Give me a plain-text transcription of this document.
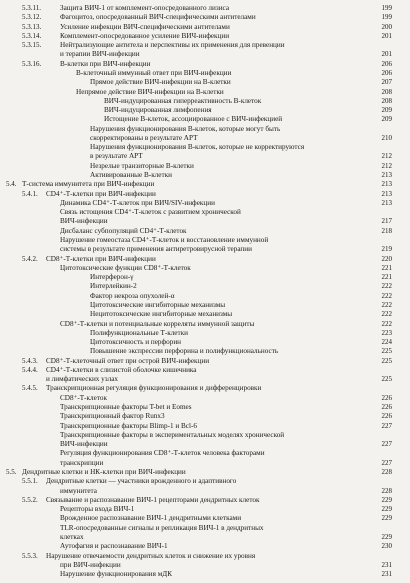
5.3.11.	Защита ВИЧ-1 от комплемент-опосредованного лизиса	199
5.3.12.	Фагоцитоз, опосредованный ВИЧ-специфическими антителами	199
5.3.13.	Усиление инфекции ВИЧ-специфическими антителами	200
5.3.14.	Комплемент-опосредованное усиление ВИЧ-инфекции	201
5.3.15.	Нейтрализующие антитела и перспективы их применения для превенции
и терапии ВИЧ-инфекции	201
5.3.16.	В-клетки при ВИЧ-инфекции	206
В-клеточный иммунный ответ при ВИЧ-инфекции	206
Прямое действие ВИЧ-инфекции на В-клетки	207
Непрямое действие ВИЧ-инфекции на В-клетки	208
ВИЧ-индуцированная гиперреактивность В-клеток	208
ВИЧ-индуцированная лимфопения	209
Истощение В-клеток, ассоциированное с ВИЧ-инфекцией	209
Нарушения функционирования В-клеток, которые могут быть
скорректированы в результате АРТ	210
Нарушения функционирования В-клеток, которые не корректируются
в результате АРТ	212
Незрелые транзиторные В-клетки	212
Активированные В-клетки	213
5.4. Т-система иммунитета при ВИЧ-инфекции	213
5.4.1. CD4⁺-Т-клетки при ВИЧ-инфекции	213
Динамика CD4⁺-Т-клеток при ВИЧ/SIV-инфекции	213
Связь истощения CD4⁺-Т-клеток с развитием хронической
ВИЧ-инфекции	217
Дисбаланс субпопуляций CD4⁺-Т-клеток	218
Нарушение гомеостаза CD4⁺-Т-клеток и восстановление иммунной
системы в результате применения антиретровирусной терапии	219
5.4.2. CD8⁺-Т-клетки при ВИЧ-инфекции	220
Цитотоксические функции CD8⁺-Т-клеток	221
Интерферон-γ	221
Интерлейкин-2	222
Фактор некроза опухолей-α	222
Цитотоксические ингибиторные механизмы	222
Нецитотоксические ингибиторные механизмы	222
CD8⁺-Т-клетки и потенциальные корреляты иммунной защиты	222
Полифункциональные Т-клетки	223
Цитотоксичность и перфорин	224
Повышение экспрессии перфорина и полифункциональность	225
5.4.3. CD8⁺-Т-клеточный ответ при острой ВИЧ-инфекции	225
5.4.4. CD4⁺-Т-клетки в слизистой оболочке кишечника
и лимфатических узлах	225
5.4.5. Транскрипционная регуляция функционирования и дифференцировки
CD8⁺-Т-клеток	226
Транскрипционные факторы T-bet и Eomes	226
Транскрипционный фактор Runx3	226
Транскрипционные факторы Blimp-1 и Bcl-6	227
Транскрипционные факторы в экспериментальных моделях хронической
ВИЧ-инфекции	227
Регуляция функционирования CD8⁺-Т-клеток человека факторами
транскрипции	227
5.5. Дендритные клетки и НК-клетки при ВИЧ-инфекции	228
5.5.1. Дендритные клетки — участники врожденного и адаптивного
иммунитета	228
5.5.2. Связывание и распознавание ВИЧ-1 рецепторами дендритных клеток	229
Рецепторы входа ВИЧ-1	229
Врожденное распознавание ВИЧ-1 дендритными клетками	229
TLR-опосредованные сигналы и репликация ВИЧ-1 в дендритных
клетках	229
Аутофагия и распознавание ВИЧ-1	230
5.5.3. Нарушение отвечаемости дендритных клеток и снижение их уровня
при ВИЧ-инфекции	231
Нарушение функционирования мДК	231
